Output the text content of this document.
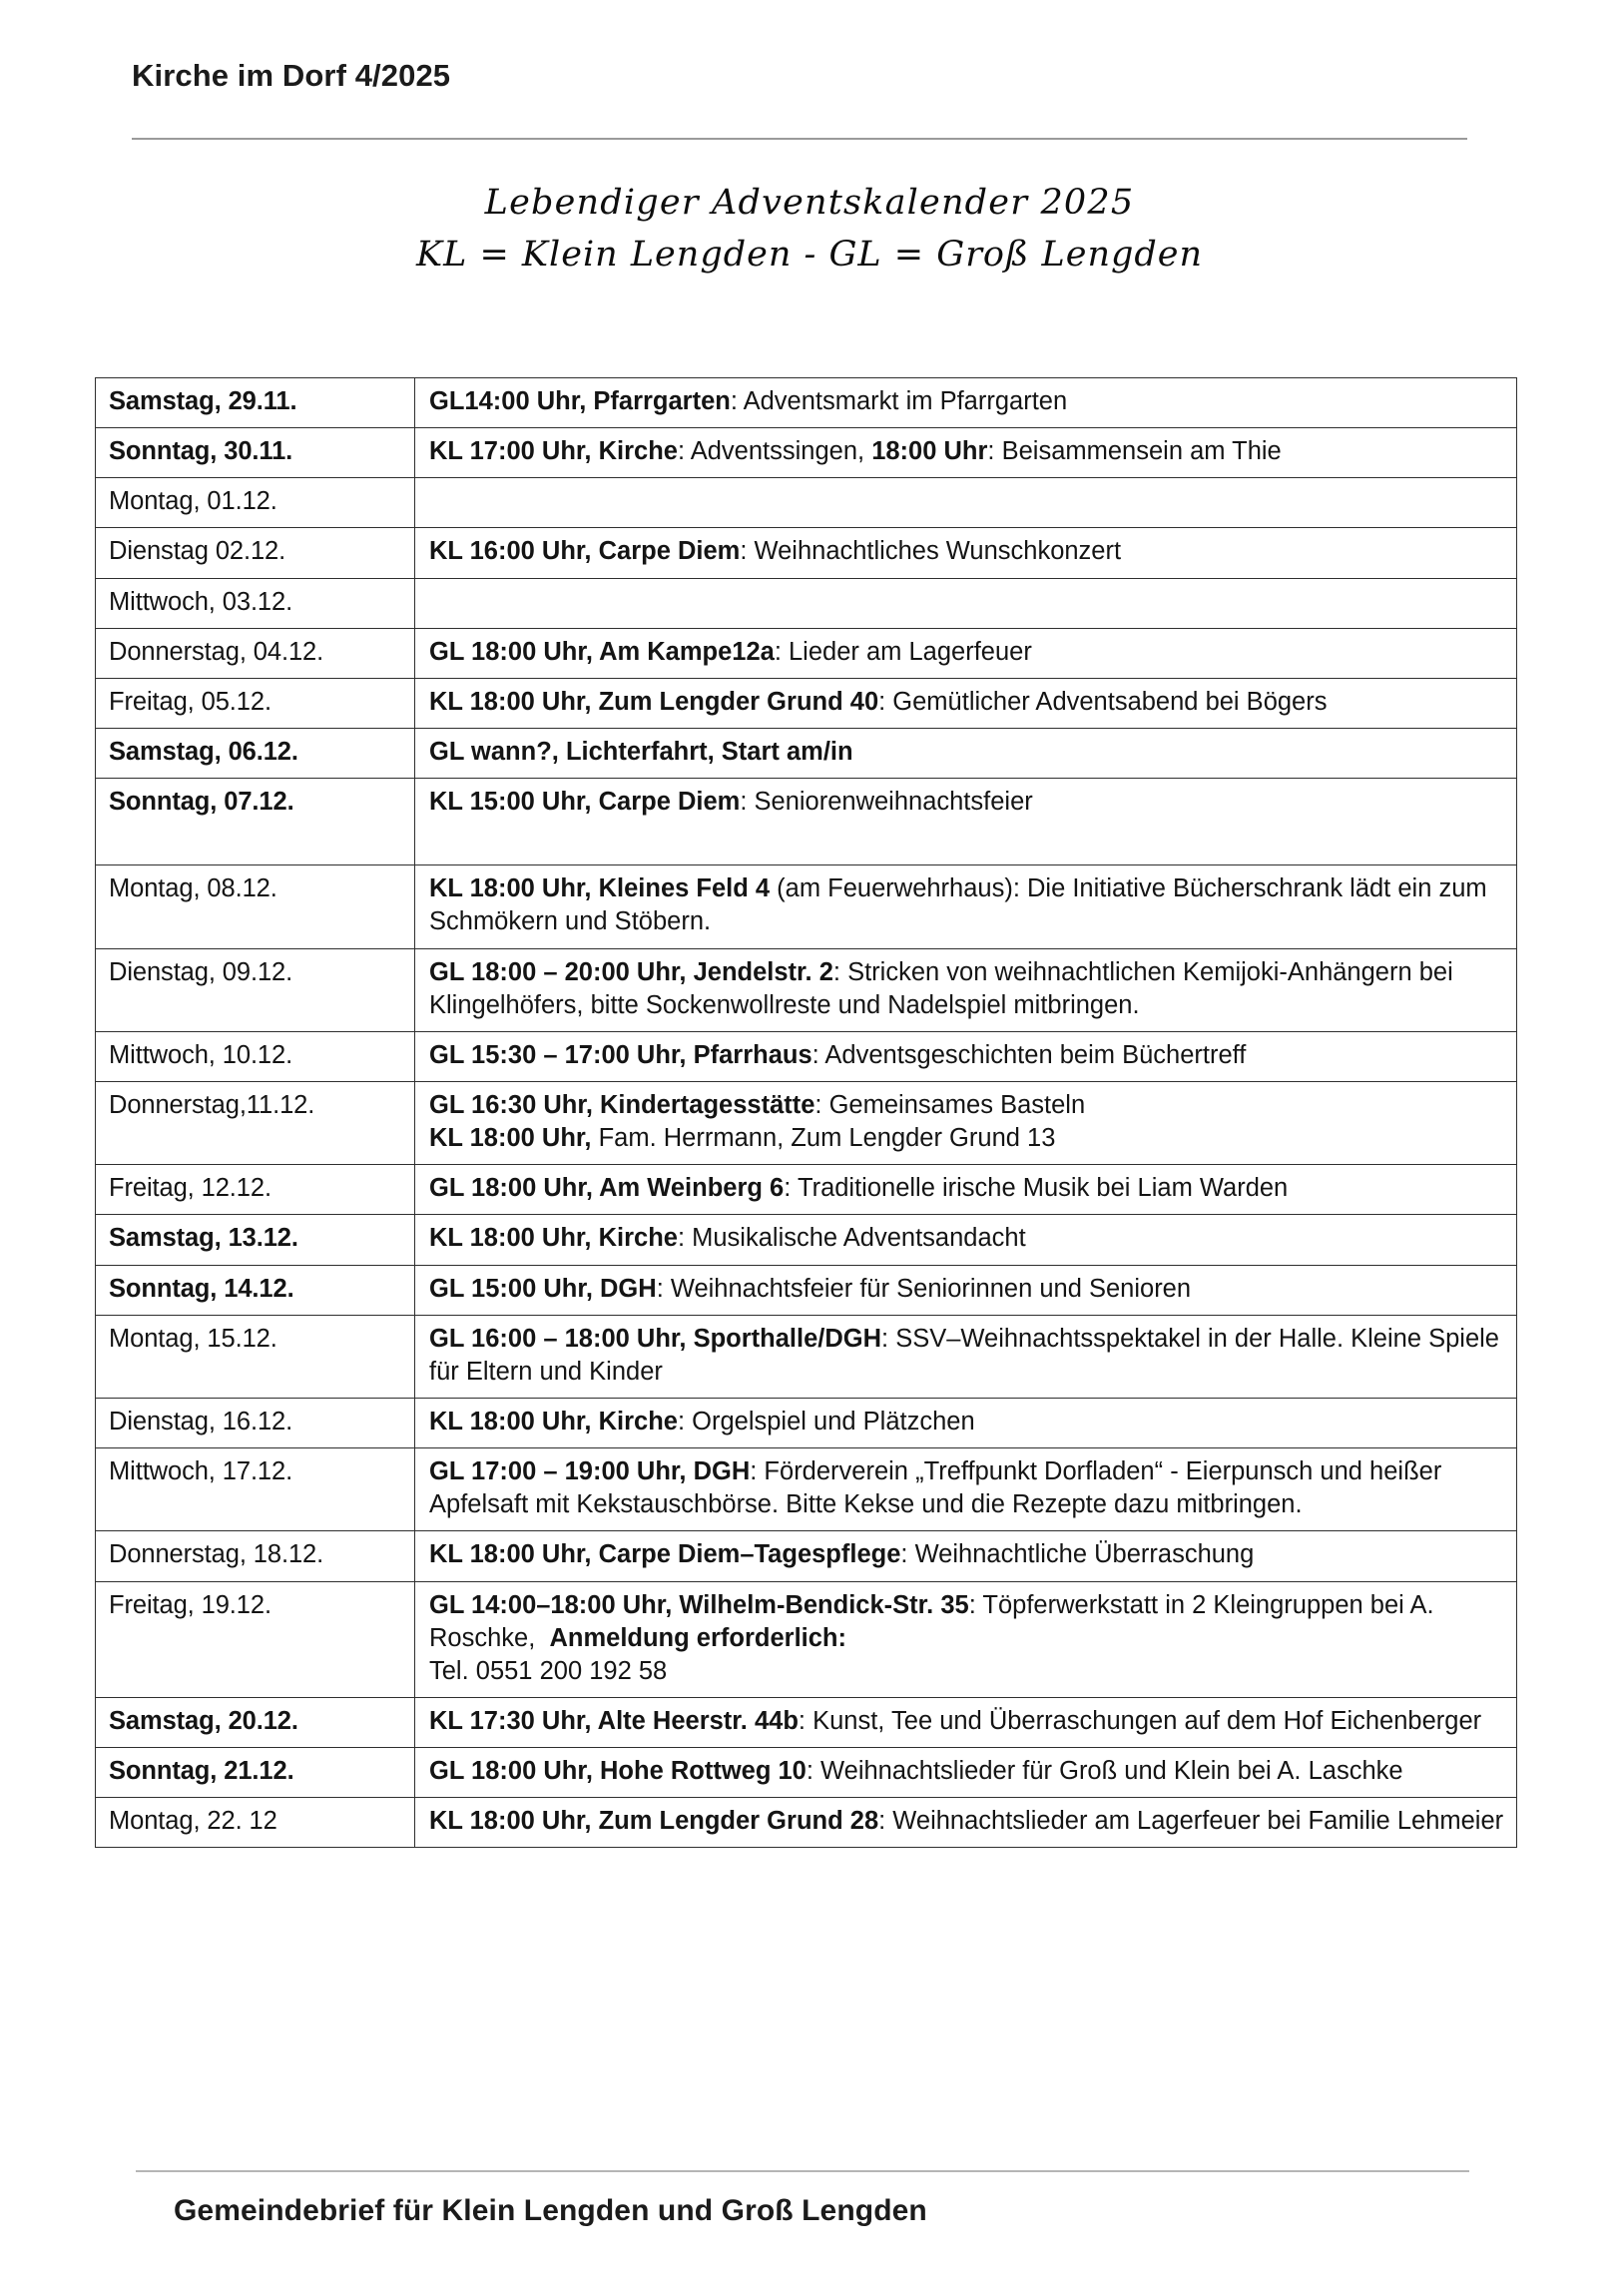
Kirche im Dorf 4/2025
Lebendiger Adventskalender 2025
KL = Klein Lengden - GL = Groß Lengden
Samstag, 29.11.	GL14:00 Uhr, Pfarrgarten: Adventsmarkt im Pfarrgarten
Sonntag, 30.11.	KL 17:00 Uhr, Kirche: Adventssingen, 18:00 Uhr: Beisammensein am Thie
Montag, 01.12.	
Dienstag 02.12.	KL 16:00 Uhr, Carpe Diem: Weihnachtliches Wunschkonzert
Mittwoch, 03.12.	
Donnerstag, 04.12.	GL 18:00 Uhr, Am Kampe12a: Lieder am Lagerfeuer
Freitag, 05.12.	KL 18:00 Uhr, Zum Lengder Grund 40: Gemütlicher Adventsabend bei Bögers
Samstag, 06.12.	GL wann?, Lichterfahrt, Start am/in
Sonntag, 07.12.	KL 15:00 Uhr, Carpe Diem: Seniorenweihnachtsfeier
Montag, 08.12.	KL 18:00 Uhr, Kleines Feld 4 (am Feuerwehrhaus): Die Initiative Bücherschrank lädt ein zum Schmökern und Stöbern.
Dienstag, 09.12.	GL 18:00 – 20:00 Uhr, Jendelstr. 2: Stricken von weihnachtlichen Kemijoki-Anhängern bei Klingelhöfers, bitte Sockenwollreste und Nadelspiel mitbringen.
Mittwoch, 10.12.	GL 15:30 – 17:00 Uhr, Pfarrhaus: Adventsgeschichten beim Büchertreff
Donnerstag,11.12.	GL 16:30 Uhr, Kindertagesstätte: Gemeinsames Basteln
KL 18:00 Uhr, Fam. Herrmann, Zum Lengder Grund 13
Freitag, 12.12.	GL 18:00 Uhr, Am Weinberg 6: Traditionelle irische Musik bei Liam Warden
Samstag, 13.12.	KL 18:00 Uhr, Kirche: Musikalische Adventsandacht
Sonntag, 14.12.	GL 15:00 Uhr, DGH: Weihnachtsfeier für Seniorinnen und Senioren
Montag, 15.12.	GL 16:00 – 18:00 Uhr, Sporthalle/DGH: SSV–Weihnachtsspektakel in der Halle. Kleine Spiele für Eltern und Kinder
Dienstag, 16.12.	KL 18:00 Uhr, Kirche: Orgelspiel und Plätzchen
Mittwoch, 17.12.	GL 17:00 – 19:00 Uhr, DGH: Förderverein „Treffpunkt Dorfladen“ - Eierpunsch und heißer Apfelsaft mit Kekstauschbörse. Bitte Kekse und die Rezepte dazu mitbringen.
Donnerstag, 18.12.	KL 18:00 Uhr, Carpe Diem–Tagespflege: Weihnachtliche Überraschung
Freitag, 19.12.	GL 14:00–18:00 Uhr, Wilhelm-Bendick-Str. 35: Töpferwerkstatt in 2 Kleingruppen bei A. Roschke,  Anmeldung erforderlich:
Tel. 0551 200 192 58
Samstag, 20.12.	KL 17:30 Uhr, Alte Heerstr. 44b: Kunst, Tee und Überraschungen auf dem Hof Eichenberger
Sonntag, 21.12.	GL 18:00 Uhr, Hohe Rottweg 10: Weihnachtslieder für Groß und Klein bei A. Laschke
Montag, 22. 12	KL 18:00 Uhr, Zum Lengder Grund 28: Weihnachtslieder am Lagerfeuer bei Familie Lehmeier
Gemeindebrief für Klein Lengden und Groß Lengden
